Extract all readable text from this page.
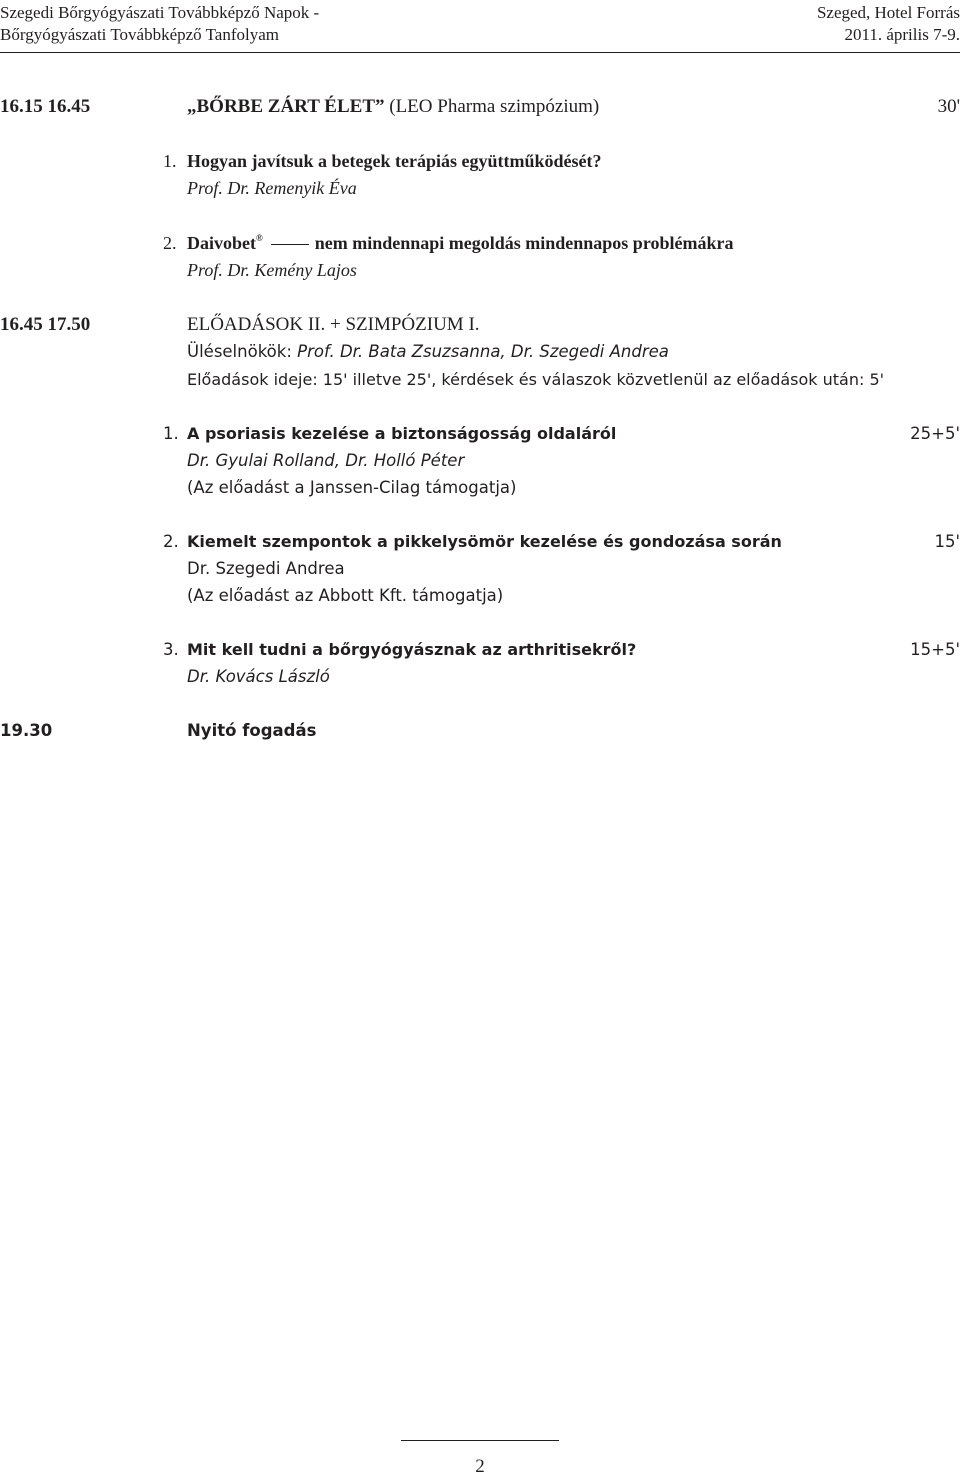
Szegedi Bőrgyógyászati Továbbképző Napok -
Bőrgyógyászati Továbbképző Tanfolyam
Szeged, Hotel Forrás
2011. április 7-9.
16.15 16.45	„BŐRBE ZÁRT ÉLET” (LEO Pharma szimpózium)	30'
1. Hogyan javítsuk a betegek terápiás együttműködését?
Prof. Dr. Remenyik Éva
2. Daivobet®	nem mindennapi megoldás mindennapos problémákra
Prof. Dr. Kemény Lajos
16.45 17.50	ELŐADÁSOK II. + SZIMPÓZIUM I.
Üléselnökök: Prof. Dr. Bata Zsuzsanna, Dr. Szegedi Andrea
Előadások ideje: 15' illetve 25', kérdések és válaszok közvetlenül az előadások után: 5'
1. A psoriasis kezelése a biztonságosság oldaláról	25+5'
Dr. Gyulai Rolland, Dr. Holló Péter
(Az előadást a Janssen-Cilag támogatja)
2. Kiemelt szempontok a pikkelysömör kezelése és gondozása során	15'
Dr. Szegedi Andrea
(Az előadást az Abbott Kft. támogatja)
3. Mit kell tudni a bőrgyógyásznak az arthritisekről?	15+5'
Dr. Kovács László
19.30	Nyitó fogadás
2
